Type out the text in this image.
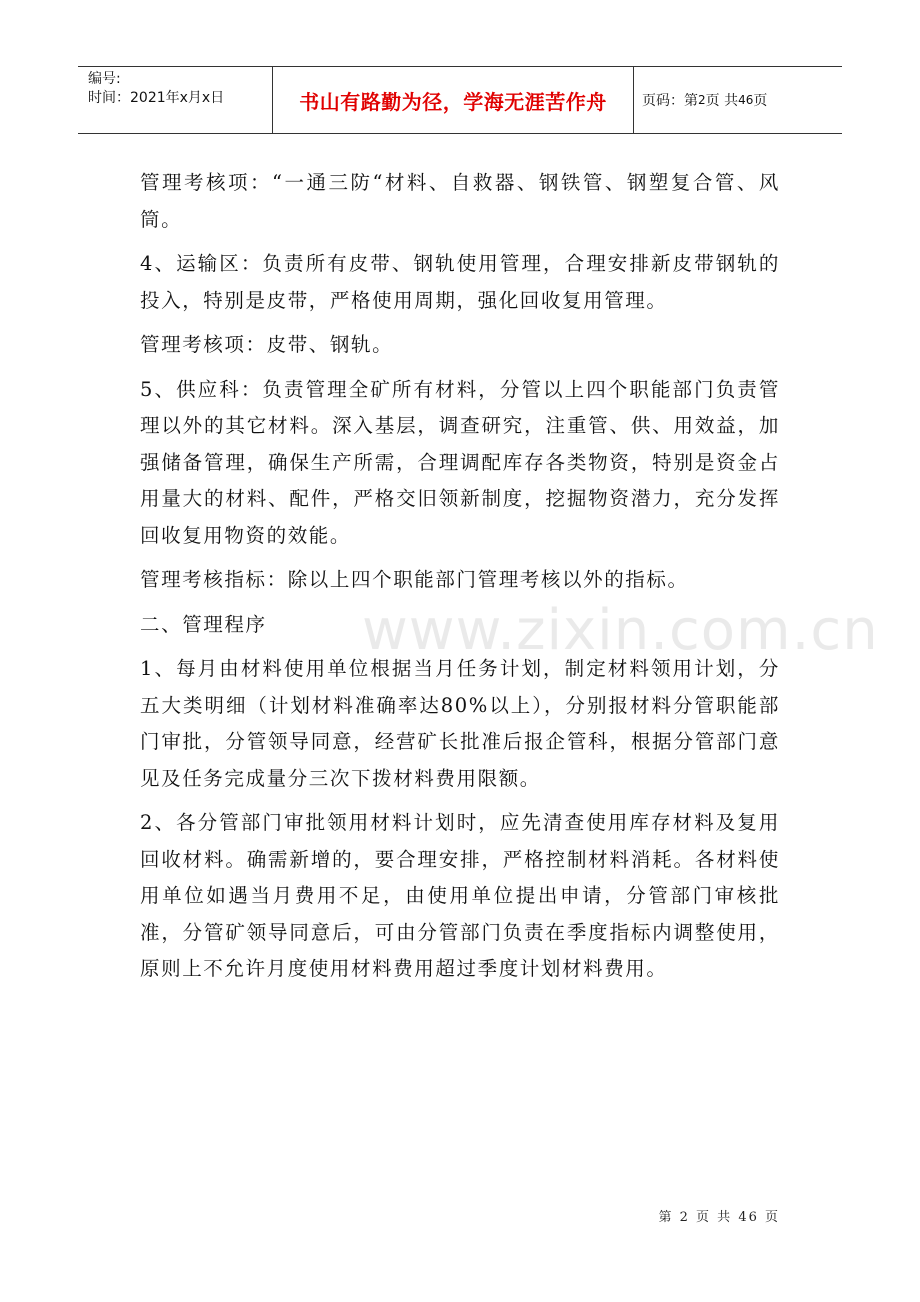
编号:
时间：2021年x月x日	书山有路勤为径，学海无涯苦作舟	页码：第 2 页 共 46 页

管理考核项：“一通三防“材料、自救器、钢铁管、钢塑复合管、风筒。

4、运输区：负责所有皮带、钢轨使用管理，合理安排新皮带钢轨的投入，特别是皮带，严格使用周期，强化回收复用管理。

管理考核项：皮带、钢轨。

5、供应科：负责管理全矿所有材料，分管以上四个职能部门负责管理以外的其它材料。深入基层，调查研究，注重管、供、用效益，加强储备管理，确保生产所需，合理调配库存各类物资，特别是资金占用量大的材料、配件，严格交旧领新制度，挖掘物资潜力，充分发挥回收复用物资的效能。

管理考核指标：除以上四个职能部门管理考核以外的指标。

二、管理程序

1、每月由材料使用单位根据当月任务计划，制定材料领用计划，分五大类明细（计划材料准确率达80%以上），分别报材料分管职能部门审批，分管领导同意，经营矿长批准后报企管科，根据分管部门意见及任务完成量分三次下拨材料费用限额。

2、各分管部门审批领用材料计划时，应先清查使用库存材料及复用回收材料。确需新增的，要合理安排，严格控制材料消耗。各材料使用单位如遇当月费用不足，由使用单位提出申请，分管部门审核批准，分管矿领导同意后，可由分管部门负责在季度指标内调整使用，原则上不允许月度使用材料费用超过季度计划材料费用。

www.zixin.com.cn
第 2 页 共 46 页
